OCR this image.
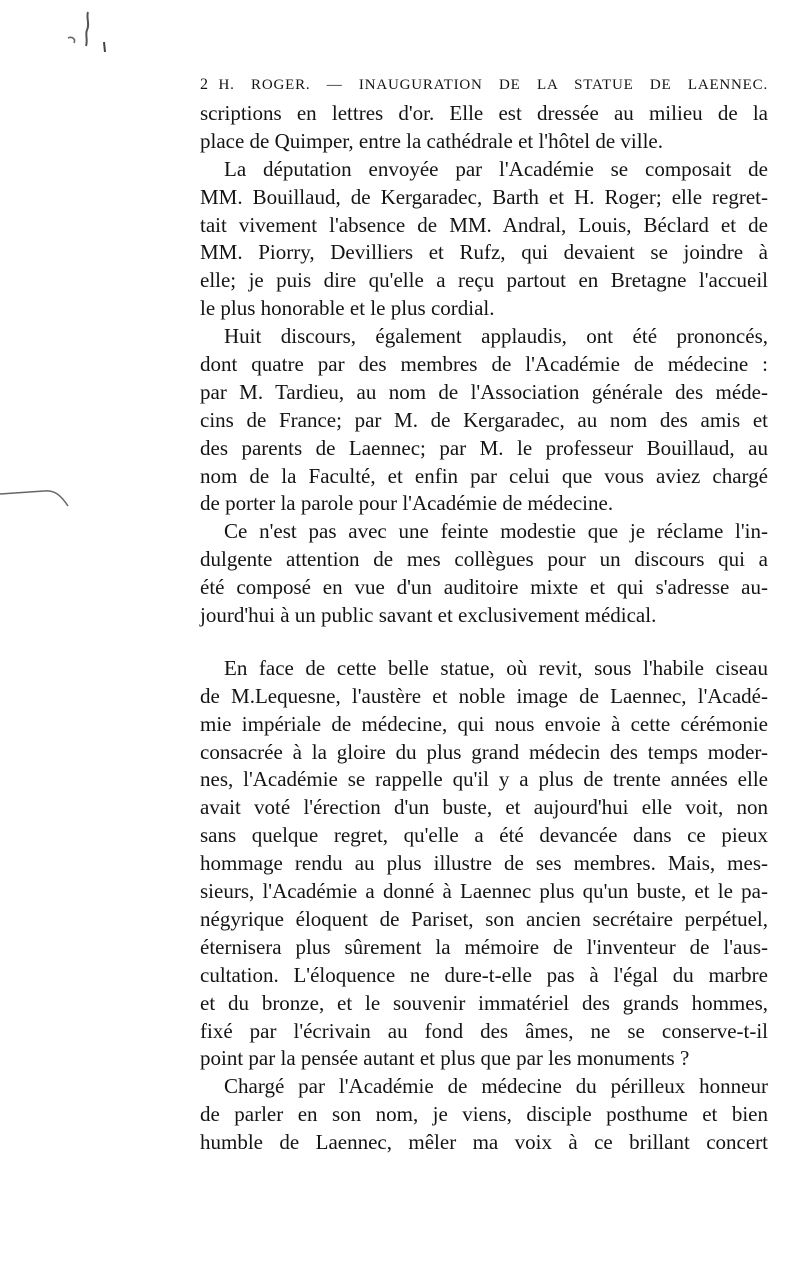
2 H. ROGER. — INAUGURATION DE LA STATUE DE LAENNEC.
scriptions en lettres d'or. Elle est dressée au milieu de la
place de Quimper, entre la cathédrale et l'hôtel de ville.
La députation envoyée par l'Académie se composait de
MM. Bouillaud, de Kergaradec, Barth et H. Roger; elle regret-
tait vivement l'absence de MM. Andral, Louis, Béclard et de
MM. Piorry, Devilliers et Rufz, qui devaient se joindre à
elle; je puis dire qu'elle a reçu partout en Bretagne l'accueil
le plus honorable et le plus cordial.
Huit discours, également applaudis, ont été prononcés,
dont quatre par des membres de l'Académie de médecine :
par M. Tardieu, au nom de l'Association générale des méde-
cins de France; par M. de Kergaradec, au nom des amis et
des parents de Laennec; par M. le professeur Bouillaud, au
nom de la Faculté, et enfin par celui que vous aviez chargé
de porter la parole pour l'Académie de médecine.
Ce n'est pas avec une feinte modestie que je réclame l'in-
dulgente attention de mes collègues pour un discours qui a
été composé en vue d'un auditoire mixte et qui s'adresse au-
jourd'hui à un public savant et exclusivement médical.
En face de cette belle statue, où revit, sous l'habile ciseau
de M.Lequesne, l'austère et noble image de Laennec, l'Acadé-
mie impériale de médecine, qui nous envoie à cette cérémonie
consacrée à la gloire du plus grand médecin des temps moder-
nes, l'Académie se rappelle qu'il y a plus de trente années elle
avait voté l'érection d'un buste, et aujourd'hui elle voit, non
sans quelque regret, qu'elle a été devancée dans ce pieux
hommage rendu au plus illustre de ses membres. Mais, mes-
sieurs, l'Académie a donné à Laennec plus qu'un buste, et le pa-
négyrique éloquent de Pariset, son ancien secrétaire perpétuel,
éternisera plus sûrement la mémoire de l'inventeur de l'aus-
cultation. L'éloquence ne dure-t-elle pas à l'égal du marbre
et du bronze, et le souvenir immatériel des grands hommes,
fixé par l'écrivain au fond des âmes, ne se conserve-t-il
point par la pensée autant et plus que par les monuments ?
Chargé par l'Académie de médecine du périlleux honneur
de parler en son nom, je viens, disciple posthume et bien
humble de Laennec, mêler ma voix à ce brillant concert
